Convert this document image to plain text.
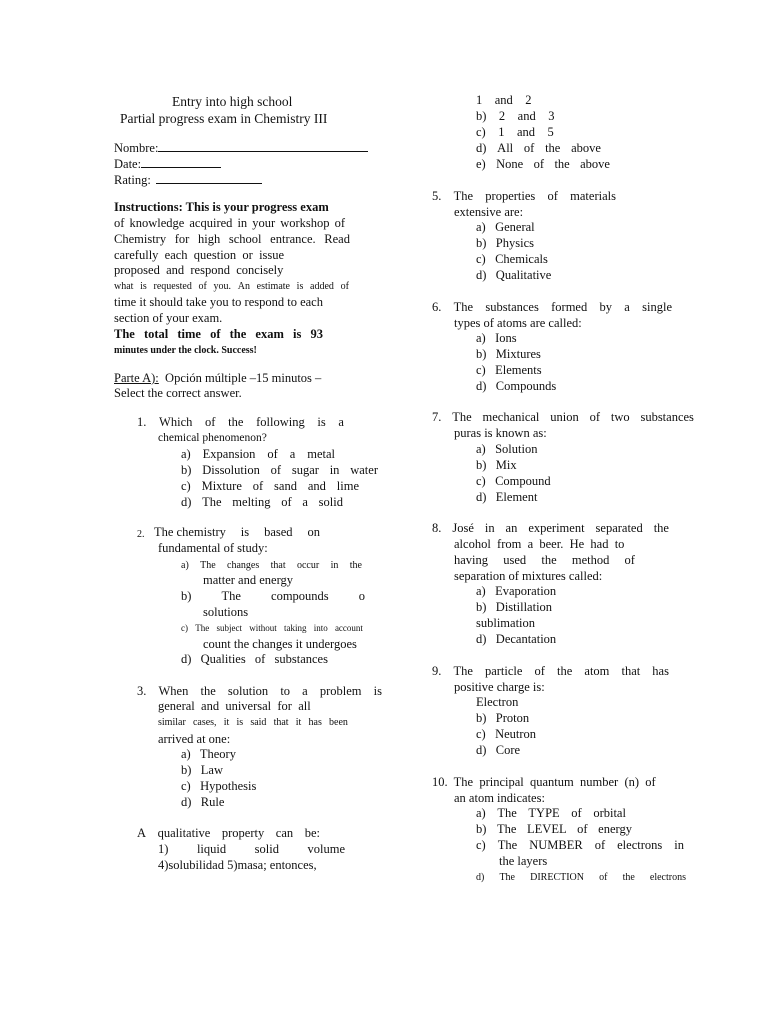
Entry into high school
Partial progress exam in Chemistry III
Nombre:
Date:
Rating:
Instructions: This is your progress exam
of knowledge acquired in your workshop of
Chemistry for high school entrance. Read
carefully  each  question  or  issue
proposed  and  respond  concisely
what is requested of you. An estimate is added of
time it should take you to respond to each
section of your exam.
The total time of the exam is 93
minutes under the clock. Success!
Parte A):  Opción múltiple –15 minutos –
Select the correct answer.
1. Which of the following is a
chemical phenomenon?
a) Expansion of a metal
b) Dissolution of sugar in water
c) Mixture of sand and lime
d) The melting of a solid
2. The chemistry is based on
fundamental of study:
a) The changes that occur in the
matter and energy
b) The compounds o
solutions
c) The subject without taking into account
count the changes it undergoes
d) Qualities of substances
3. When the solution to a problem is
general  and  universal  for  all
similar cases, it is said that it has been
arrived at one:
a)   Theory
b)   Law
c)   Hypothesis
d)   Rule
A qualitative property can be:
1) liquid solid volume
4)solubilidad 5)masa; entonces,
1    and    2
b)    2    and    3
c)    1    and    5
d) All of the above
e) None of the above
5. The properties of materials
extensive are:
a)   General
b)   Physics
c)   Chemicals
d)   Qualitative
6. The substances formed by a single
types of atoms are called:
a)   Ions
b)   Mixtures
c)   Elements
d)   Compounds
7. The mechanical union of two substances
puras is known as:
a)   Solution
b)   Mix
c)   Compound
d)   Element
8. José in an experiment separated the
alcohol  from  a  beer.  He  had  to
having used the method of
separation of mixtures called:
a)   Evaporation
b)   Distillation
sublimation
d)   Decantation
9. The particle of the atom that has
positive charge is:
Electron
b)   Proton
c)   Neutron
d)   Core
10.  The  principal  quantum  number  (n)  of
an atom indicates:
a) The TYPE of orbital
b) The LEVEL of energy
c) The NUMBER of electrons in
the layers
d) The DIRECTION of the electrons
